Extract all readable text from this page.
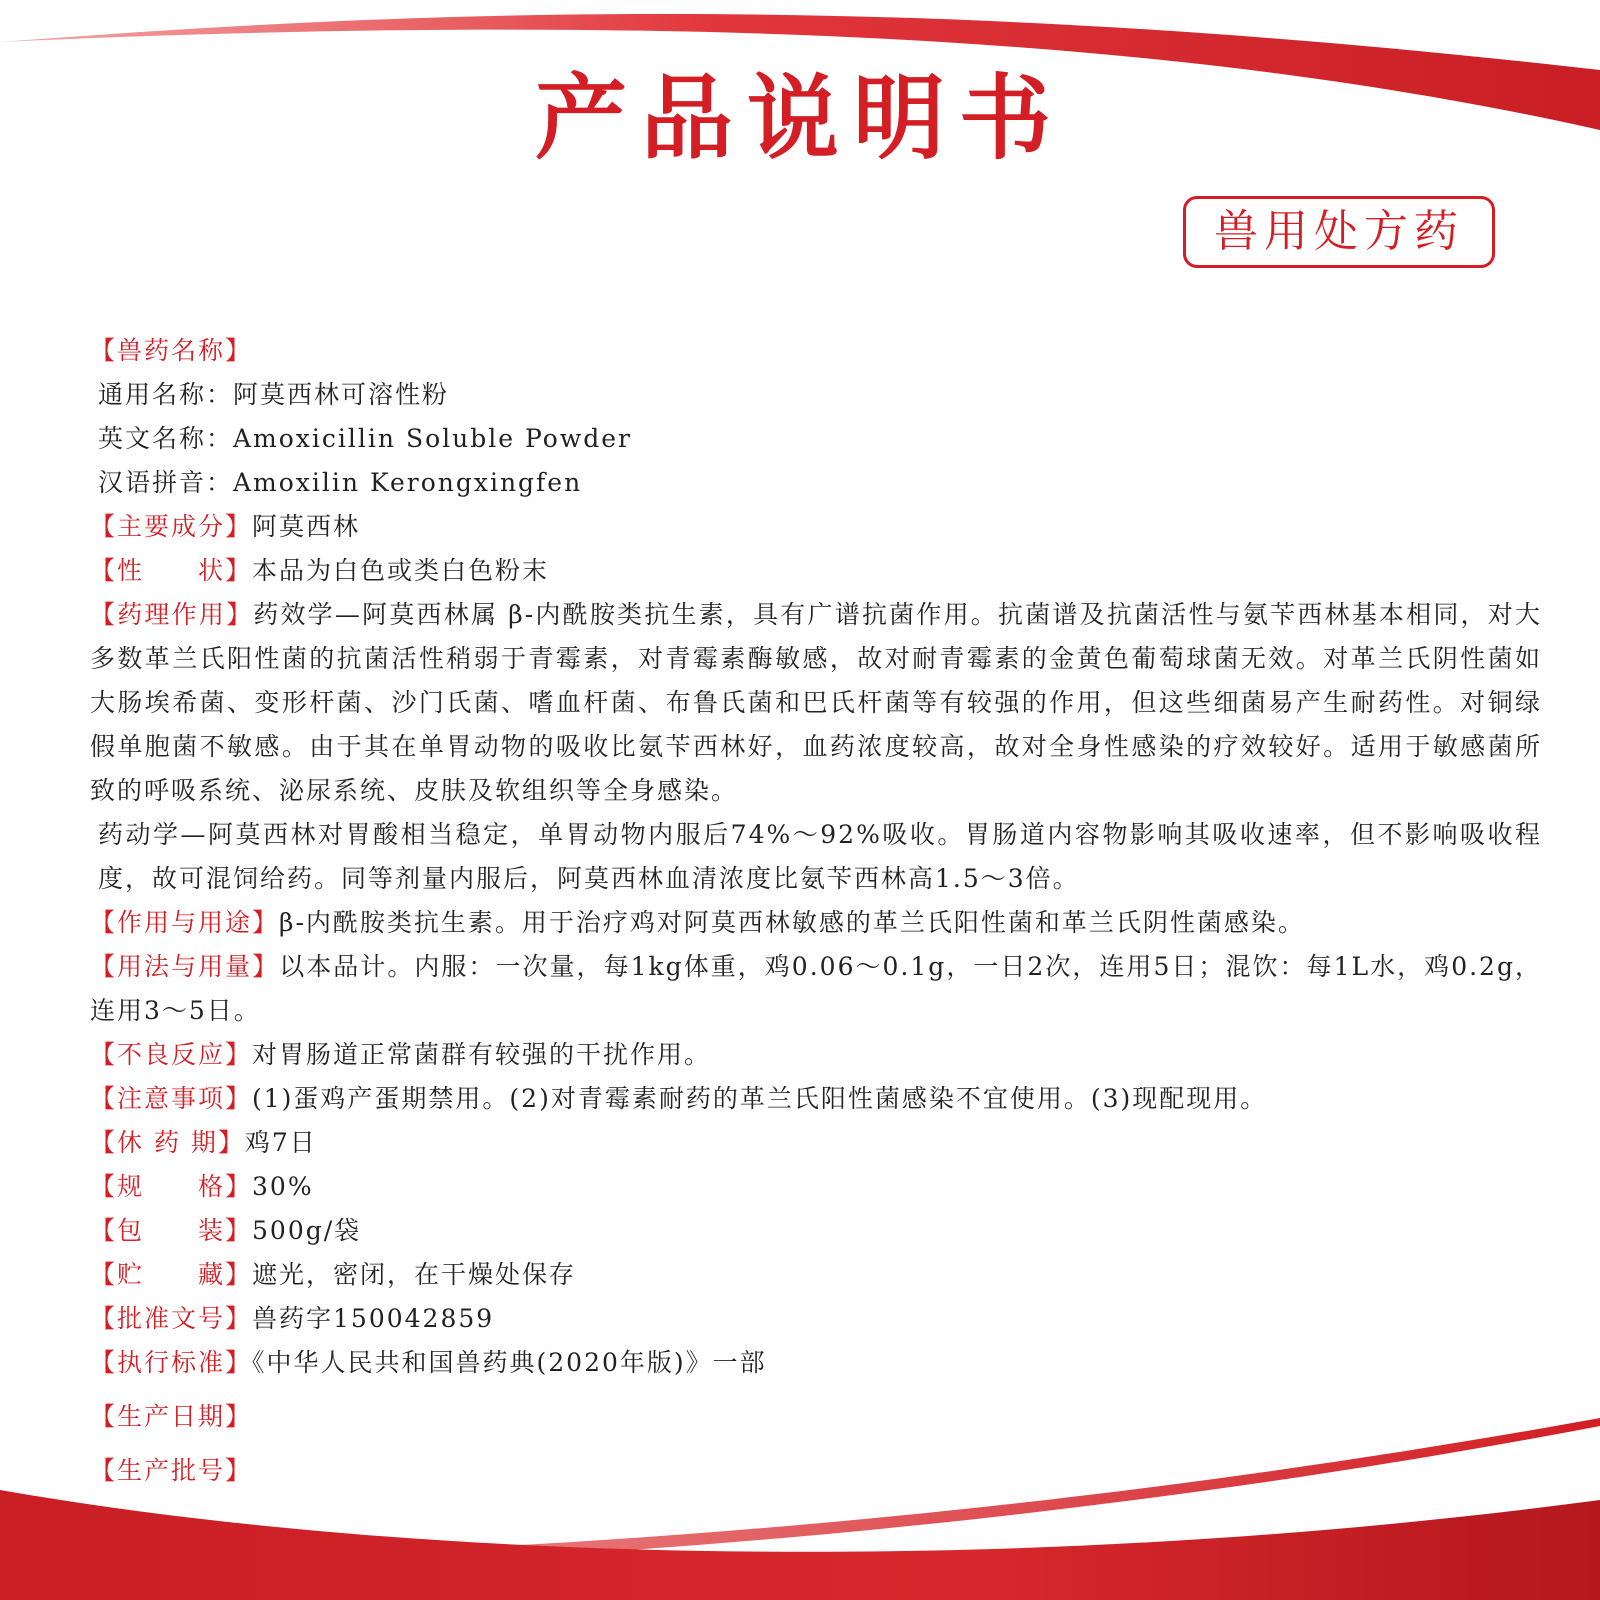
产品说明书
兽用处方药
【兽药名称】
通用名称：阿莫西林可溶性粉
英文名称：Amoxicillin Soluble Powder
汉语拼音：Amoxilin Kerongxingfen
【主要成分】阿莫西林
【性　　状】本品为白色或类白色粉末
【药理作用】药效学—阿莫西林属 β-内酰胺类抗生素，具有广谱抗菌作用。抗菌谱及抗菌活性与氨苄西林基本相同，对大多数革兰氏阳性菌的抗菌活性稍弱于青霉素，对青霉素酶敏感，故对耐青霉素的金黄色葡萄球菌无效。对革兰氏阴性菌如大肠埃希菌、变形杆菌、沙门氏菌、嗜血杆菌、布鲁氏菌和巴氏杆菌等有较强的作用，但这些细菌易产生耐药性。对铜绿假单胞菌不敏感。由于其在单胃动物的吸收比氨苄西林好，血药浓度较高，故对全身性感染的疗效较好。适用于敏感菌所致的呼吸系统、泌尿系统、皮肤及软组织等全身感染。
药动学—阿莫西林对胃酸相当稳定，单胃动物内服后74%～92%吸收。胃肠道内容物影响其吸收速率，但不影响吸收程度，故可混饲给药。同等剂量内服后，阿莫西林血清浓度比氨苄西林高1.5～3倍。
【作用与用途】β-内酰胺类抗生素。用于治疗鸡对阿莫西林敏感的革兰氏阳性菌和革兰氏阴性菌感染。
【用法与用量】以本品计。内服：一次量，每1kg体重，鸡0.06～0.1g，一日2次，连用5日；混饮：每1L水，鸡0.2g，连用3～5日。
【不良反应】对胃肠道正常菌群有较强的干扰作用。
【注意事项】(1)蛋鸡产蛋期禁用。(2)对青霉素耐药的革兰氏阳性菌感染不宜使用。(3)现配现用。
【休 药 期】鸡7日
【规　　格】30%
【包　　装】500g/袋
【贮　　藏】遮光，密闭，在干燥处保存
【批准文号】兽药字150042859
【执行标准】《中华人民共和国兽药典(2020年版)》一部
【生产日期】
【生产批号】
